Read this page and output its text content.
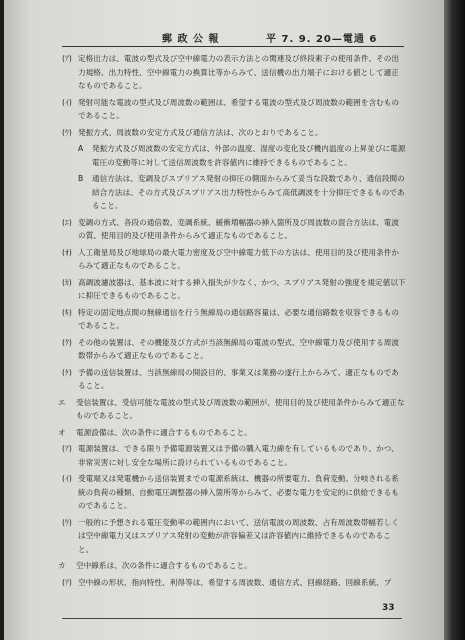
郵 政 公 報	平 7. 9. 20—電通 6
(ｱ) 定格出力は、電波の型式及び空中線電力の表示方法との関連及び終段素子の使用条件、その出力規格、出力特性、空中線電力の換算比等からみて、送信機の出力端子における値として適正なものであること。
(ｲ) 発射可能な電波の型式及び周波数の範囲は、希望する電波の型式及び周波数の範囲を含むものであること。
(ｳ) 発振方式、周波数の安定方式及び通信方法は、次のとおりであること。
A 発振方式及び周波数の安定方式は、外部の温度、湿度の変化及び機内温度の上昇並びに電源電圧の変動等に対して送信周波数を許容値内に維持できるものであること。
B 通信方法は、変調及びスプリアス発射の抑圧の側面からみて妥当な段数であり、通信段間の結合方法は、その方式及びスプリアス出力特性からみて高低調波を十分抑圧できるものであること。
(ｴ) 変調の方式、各段の通倍数、変調系統、緩衝増幅器の挿入箇所及び周波数の混合方法は、電波の質、使用目的及び使用条件からみて適正なものであること。
(ｵ) 人工衛星局及び地球局の最大電力密度及び空中線電力低下の方法は、使用目的及び使用条件からみて適正なものであること。
(ｶ) 高調波濾波器は、基本波に対する挿入損失が少なく、かつ、スプリアス発射の強度を規定値以下に抑圧できるものであること。
(ｷ) 特定の固定地点間の無線通信を行う無線局の通信路容量は、必要な通信路数を収容できるものであること。
(ｸ) その他の装置は、その機能及び方式が当該無線局の電波の型式、空中線電力及び使用する周波数帯からみて適正なものであること。
(ｹ) 予備の送信装置は、当該無線局の開設目的、事業又は業務の遂行上からみて、適正なものであること。
エ 受信装置は、受信可能な電波の型式及び周波数の範囲が、使用目的及び使用条件からみて適正なものであること。
オ 電源設備は、次の条件に適合するものであること。
(ｱ) 電源装置は、できる限り予備電源装置又は予備の購入電力線を有しているものであり、かつ、非常災害に対し安全な場所に設けられているものであること。
(ｲ) 受電端又は発電機から送信装置までの電源系統は、機器の所要電力、負荷変動、分岐される系統の負荷の種類、自動電圧調整器の挿入箇所等からみて、必要な電力を安定的に供給できるものであること。
(ｳ) 一般的に予想される電圧変動率の範囲内において、送信電波の周波数、占有周波数帯幅若しくは空中線電力又はスプリアス発射の変動が許容偏差又は許容値内に維持できるものであること。
カ 空中線系は、次の条件に適合するものであること。
(ｱ) 空中線の形状、指向特性、利得等は、希望する周波数、通信方式、回線経路、回線系統、プ
33
